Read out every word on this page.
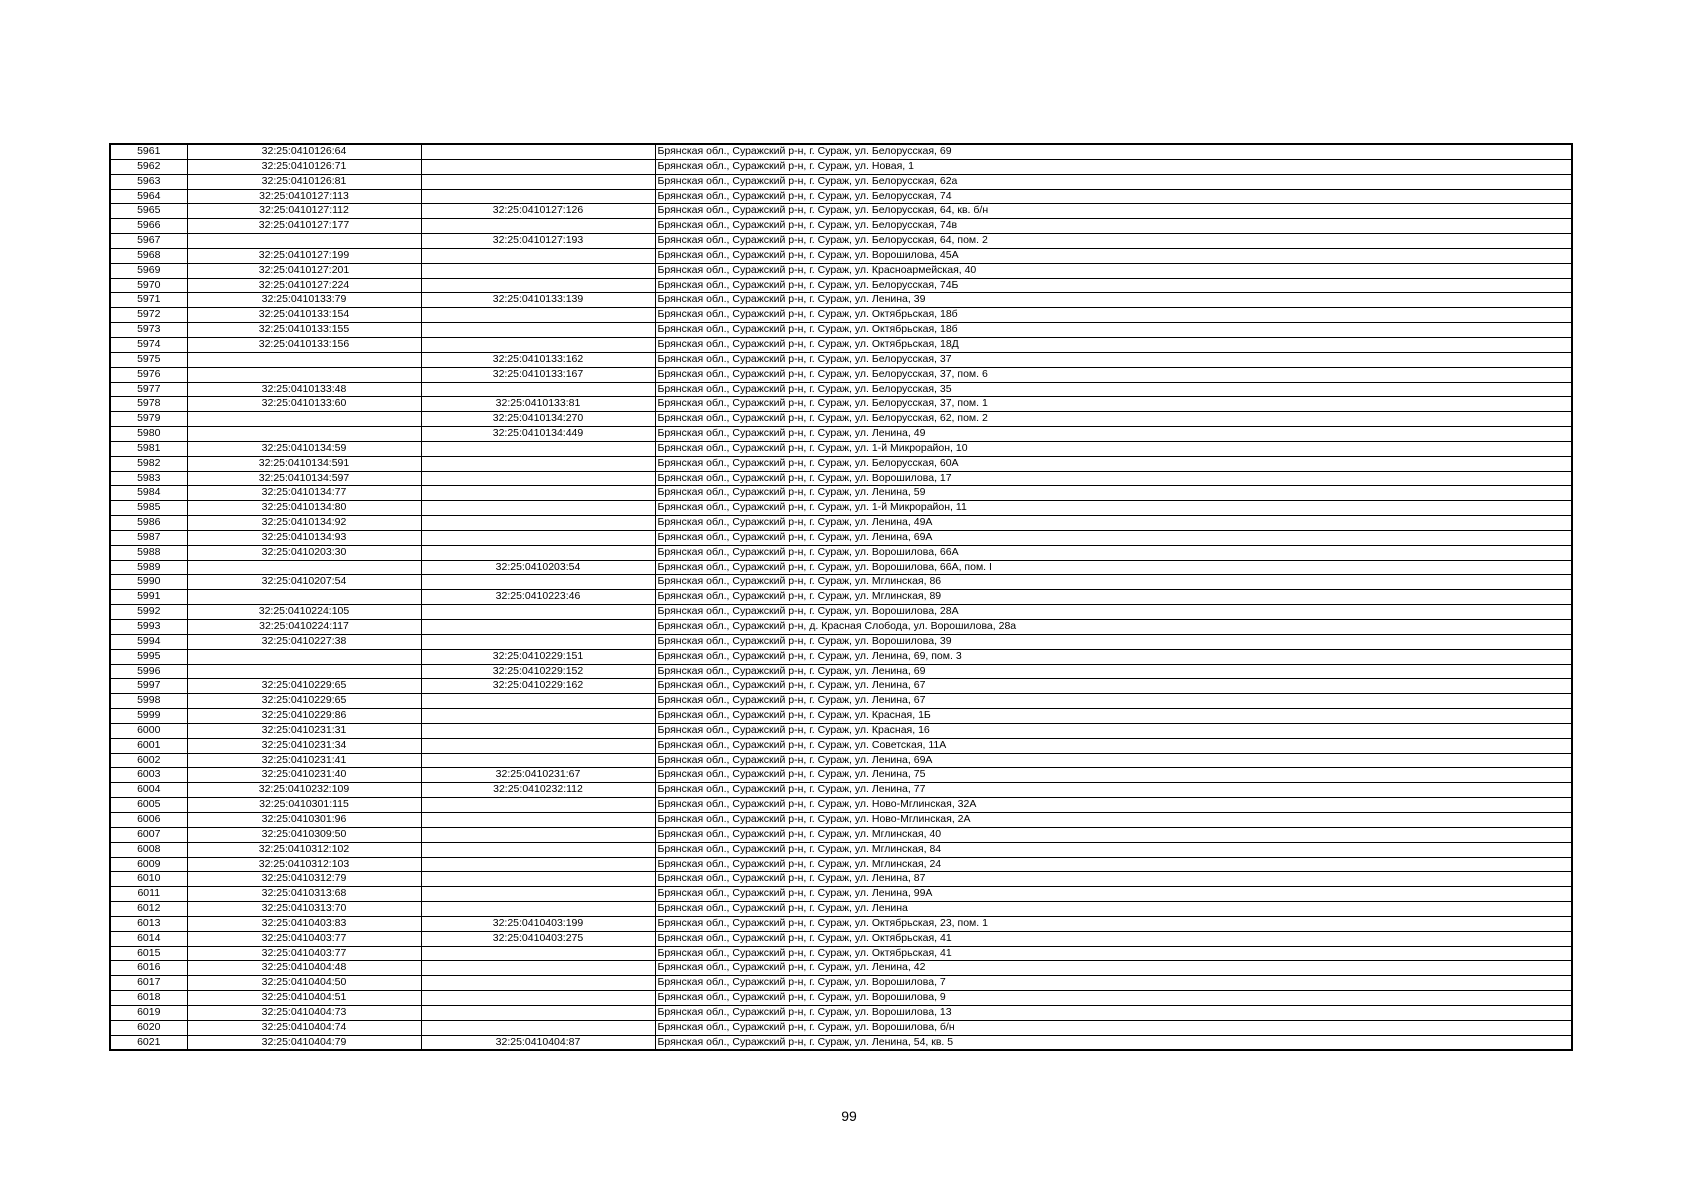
5961	32:25:0410126:64		Брянская обл., Суражский р-н, г. Сураж, ул. Белорусская, 69
5962	32:25:0410126:71		Брянская обл., Суражский р-н, г. Сураж, ул. Новая, 1
5963	32:25:0410126:81		Брянская обл., Суражский р-н, г. Сураж, ул. Белорусская, 62а
5964	32:25:0410127:113		Брянская обл., Суражский р-н, г. Сураж, ул. Белорусская, 74
5965	32:25:0410127:112	32:25:0410127:126	Брянская обл., Суражский р-н, г. Сураж, ул. Белорусская, 64, кв. б/н
5966	32:25:0410127:177		Брянская обл., Суражский р-н, г. Сураж, ул. Белорусская, 74в
5967		32:25:0410127:193	Брянская обл., Суражский р-н, г. Сураж, ул. Белорусская, 64, пом. 2
5968	32:25:0410127:199		Брянская обл., Суражский р-н, г. Сураж, ул. Ворошилова, 45А
5969	32:25:0410127:201		Брянская обл., Суражский р-н, г. Сураж, ул. Красноармейская, 40
5970	32:25:0410127:224		Брянская обл., Суражский р-н, г. Сураж, ул. Белорусская, 74Б
5971	32:25:0410133:79	32:25:0410133:139	Брянская обл., Суражский р-н, г. Сураж, ул. Ленина, 39
5972	32:25:0410133:154		Брянская обл., Суражский р-н, г. Сураж, ул. Октябрьская, 18б
5973	32:25:0410133:155		Брянская обл., Суражский р-н, г. Сураж, ул. Октябрьская, 18б
5974	32:25:0410133:156		Брянская обл., Суражский р-н, г. Сураж, ул. Октябрьская, 18Д
5975		32:25:0410133:162	Брянская обл., Суражский р-н, г. Сураж, ул. Белорусская, 37
5976		32:25:0410133:167	Брянская обл., Суражский р-н, г. Сураж, ул. Белорусская, 37, пом. 6
5977	32:25:0410133:48		Брянская обл., Суражский р-н, г. Сураж, ул. Белорусская, 35
5978	32:25:0410133:60	32:25:0410133:81	Брянская обл., Суражский р-н, г. Сураж, ул. Белорусская, 37, пом. 1
5979		32:25:0410134:270	Брянская обл., Суражский р-н, г. Сураж, ул. Белорусская, 62, пом. 2
5980		32:25:0410134:449	Брянская обл., Суражский р-н, г. Сураж, ул. Ленина, 49
5981	32:25:0410134:59		Брянская обл., Суражский р-н, г. Сураж, ул. 1-й Микрорайон, 10
5982	32:25:0410134:591		Брянская обл., Суражский р-н, г. Сураж, ул. Белорусская, 60А
5983	32:25:0410134:597		Брянская обл., Суражский р-н, г. Сураж, ул. Ворошилова, 17
5984	32:25:0410134:77		Брянская обл., Суражский р-н, г. Сураж, ул. Ленина, 59
5985	32:25:0410134:80		Брянская обл., Суражский р-н, г. Сураж, ул. 1-й Микрорайон, 11
5986	32:25:0410134:92		Брянская обл., Суражский р-н, г. Сураж, ул. Ленина, 49А
5987	32:25:0410134:93		Брянская обл., Суражский р-н, г. Сураж, ул. Ленина, 69А
5988	32:25:0410203:30		Брянская обл., Суражский р-н, г. Сураж, ул. Ворошилова, 66А
5989		32:25:0410203:54	Брянская обл., Суражский р-н, г. Сураж, ул. Ворошилова, 66А, пом. I
5990	32:25:0410207:54		Брянская обл., Суражский р-н, г. Сураж, ул. Мглинская, 86
5991		32:25:0410223:46	Брянская обл., Суражский р-н, г. Сураж, ул. Мглинская, 89
5992	32:25:0410224:105		Брянская обл., Суражский р-н, г. Сураж, ул. Ворошилова, 28А
5993	32:25:0410224:117		Брянская обл., Суражский р-н, д. Красная Слобода, ул. Ворошилова, 28а
5994	32:25:0410227:38		Брянская обл., Суражский р-н, г. Сураж, ул. Ворошилова, 39
5995		32:25:0410229:151	Брянская обл., Суражский р-н, г. Сураж, ул. Ленина, 69, пом. 3
5996		32:25:0410229:152	Брянская обл., Суражский р-н, г. Сураж, ул. Ленина, 69
5997	32:25:0410229:65	32:25:0410229:162	Брянская обл., Суражский р-н, г. Сураж, ул. Ленина, 67
5998	32:25:0410229:65		Брянская обл., Суражский р-н, г. Сураж, ул. Ленина, 67
5999	32:25:0410229:86		Брянская обл., Суражский р-н, г. Сураж, ул. Красная, 1Б
6000	32:25:0410231:31		Брянская обл., Суражский р-н, г. Сураж, ул. Красная, 16
6001	32:25:0410231:34		Брянская обл., Суражский р-н, г. Сураж, ул. Советская, 11А
6002	32:25:0410231:41		Брянская обл., Суражский р-н, г. Сураж, ул. Ленина, 69А
6003	32:25:0410231:40	32:25:0410231:67	Брянская обл., Суражский р-н, г. Сураж, ул. Ленина, 75
6004	32:25:0410232:109	32:25:0410232:112	Брянская обл., Суражский р-н, г. Сураж, ул. Ленина, 77
6005	32:25:0410301:115		Брянская обл., Суражский р-н, г. Сураж, ул. Ново-Мглинская, 32А
6006	32:25:0410301:96		Брянская обл., Суражский р-н, г. Сураж, ул. Ново-Мглинская, 2А
6007	32:25:0410309:50		Брянская обл., Суражский р-н, г. Сураж, ул. Мглинская, 40
6008	32:25:0410312:102		Брянская обл., Суражский р-н, г. Сураж, ул. Мглинская, 84
6009	32:25:0410312:103		Брянская обл., Суражский р-н, г. Сураж, ул. Мглинская, 24
6010	32:25:0410312:79		Брянская обл., Суражский р-н, г. Сураж, ул. Ленина, 87
6011	32:25:0410313:68		Брянская обл., Суражский р-н, г. Сураж, ул. Ленина, 99А
6012	32:25:0410313:70		Брянская обл., Суражский р-н, г. Сураж, ул. Ленина
6013	32:25:0410403:83	32:25:0410403:199	Брянская обл., Суражский р-н, г. Сураж, ул. Октябрьская, 23, пом. 1
6014	32:25:0410403:77	32:25:0410403:275	Брянская обл., Суражский р-н, г. Сураж, ул. Октябрьская, 41
6015	32:25:0410403:77		Брянская обл., Суражский р-н, г. Сураж, ул. Октябрьская, 41
6016	32:25:0410404:48		Брянская обл., Суражский р-н, г. Сураж, ул. Ленина, 42
6017	32:25:0410404:50		Брянская обл., Суражский р-н, г. Сураж, ул. Ворошилова, 7
6018	32:25:0410404:51		Брянская обл., Суражский р-н, г. Сураж, ул. Ворошилова, 9
6019	32:25:0410404:73		Брянская обл., Суражский р-н, г. Сураж, ул. Ворошилова, 13
6020	32:25:0410404:74		Брянская обл., Суражский р-н, г. Сураж, ул. Ворошилова, б/н
6021	32:25:0410404:79	32:25:0410404:87	Брянская обл., Суражский р-н, г. Сураж, ул. Ленина, 54, кв. 5
99
